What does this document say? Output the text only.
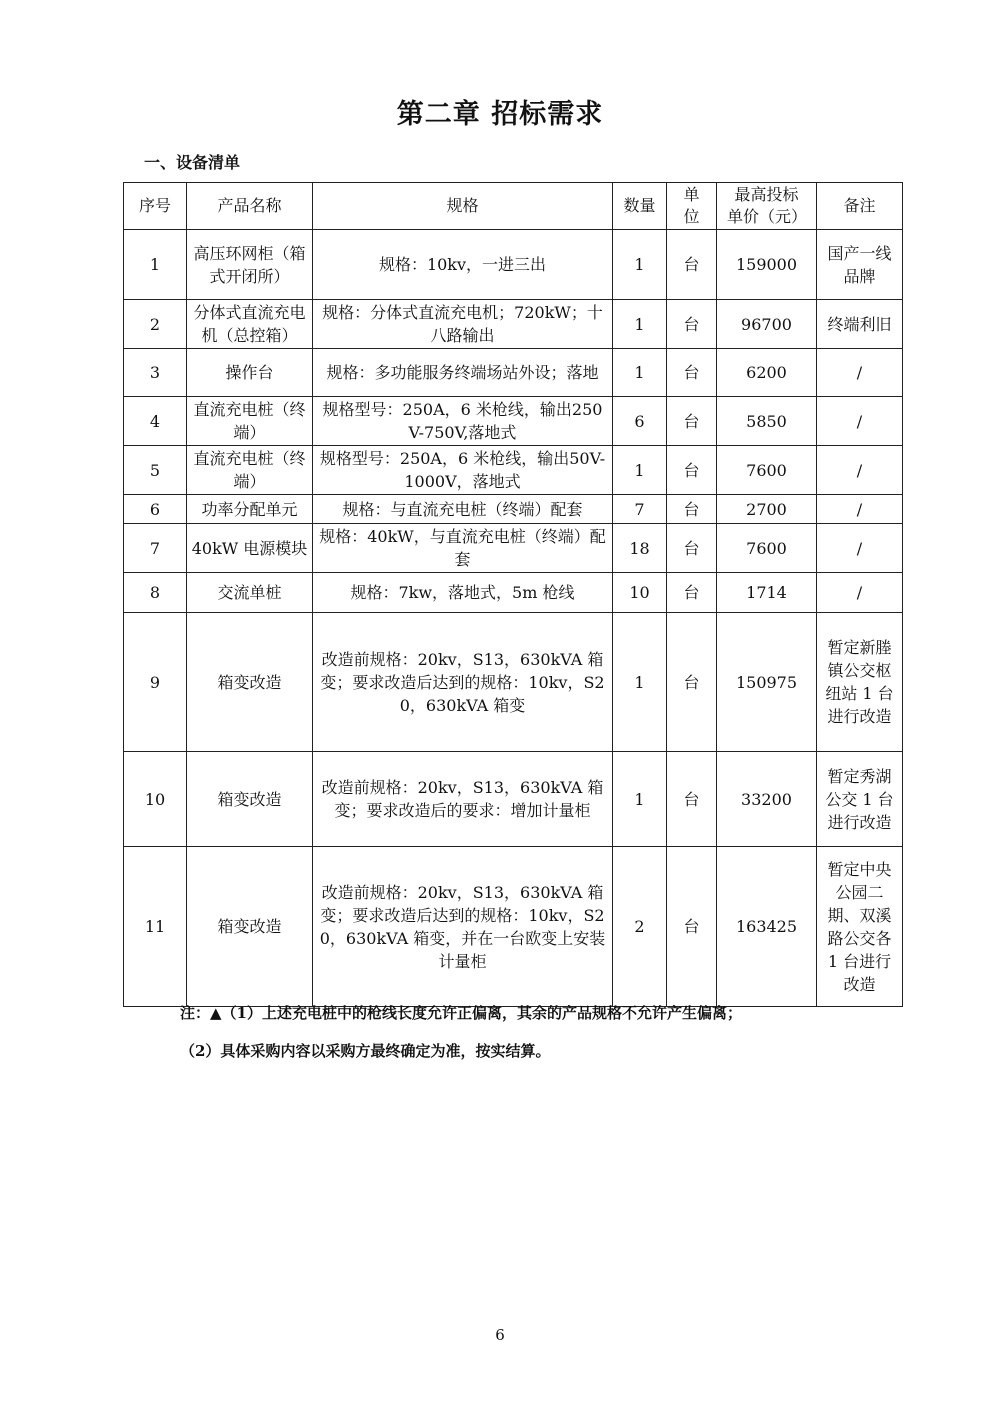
第二章 招标需求
一、设备清单
序号	产品名称	规格	数量	单位	最高投标单价（元）	备注
1	高压环网柜（箱式开闭所）	规格：10kv，一进三出	1	台	159000	国产一线品牌
2	分体式直流充电机（总控箱）	规格：分体式直流充电机；720kW；十八路输出	1	台	96700	终端利旧
3	操作台	规格：多功能服务终端场站外设；落地	1	台	6200	/
4	直流充电桩（终端）	规格型号：250A，6 米枪线，输出250V-750V,落地式	6	台	5850	/
5	直流充电桩（终端）	规格型号：250A，6 米枪线，输出50V-1000V，落地式	1	台	7600	/
6	功率分配单元	规格：与直流充电桩（终端）配套	7	台	2700	/
7	40kW 电源模块	规格：40kW，与直流充电桩（终端）配套	18	台	7600	/
8	交流单桩	规格：7kw，落地式，5m 枪线	10	台	1714	/
9	箱变改造	改造前规格：20kv，S13，630kVA 箱变；要求改造后达到的规格：10kv，S20，630kVA 箱变	1	台	150975	暂定新塍镇公交枢纽站 1 台进行改造
10	箱变改造	改造前规格：20kv，S13，630kVA 箱变；要求改造后的要求：增加计量柜	1	台	33200	暂定秀湖公交 1 台进行改造
11	箱变改造	改造前规格：20kv，S13，630kVA 箱变；要求改造后达到的规格：10kv，S20，630kVA 箱变，并在一台欧变上安装计量柜	2	台	163425	暂定中央公园二期、双溪路公交各 1 台进行改造
注：▲（1）上述充电桩中的枪线长度允许正偏离，其余的产品规格不允许产生偏离；
（2）具体采购内容以采购方最终确定为准，按实结算。
6
